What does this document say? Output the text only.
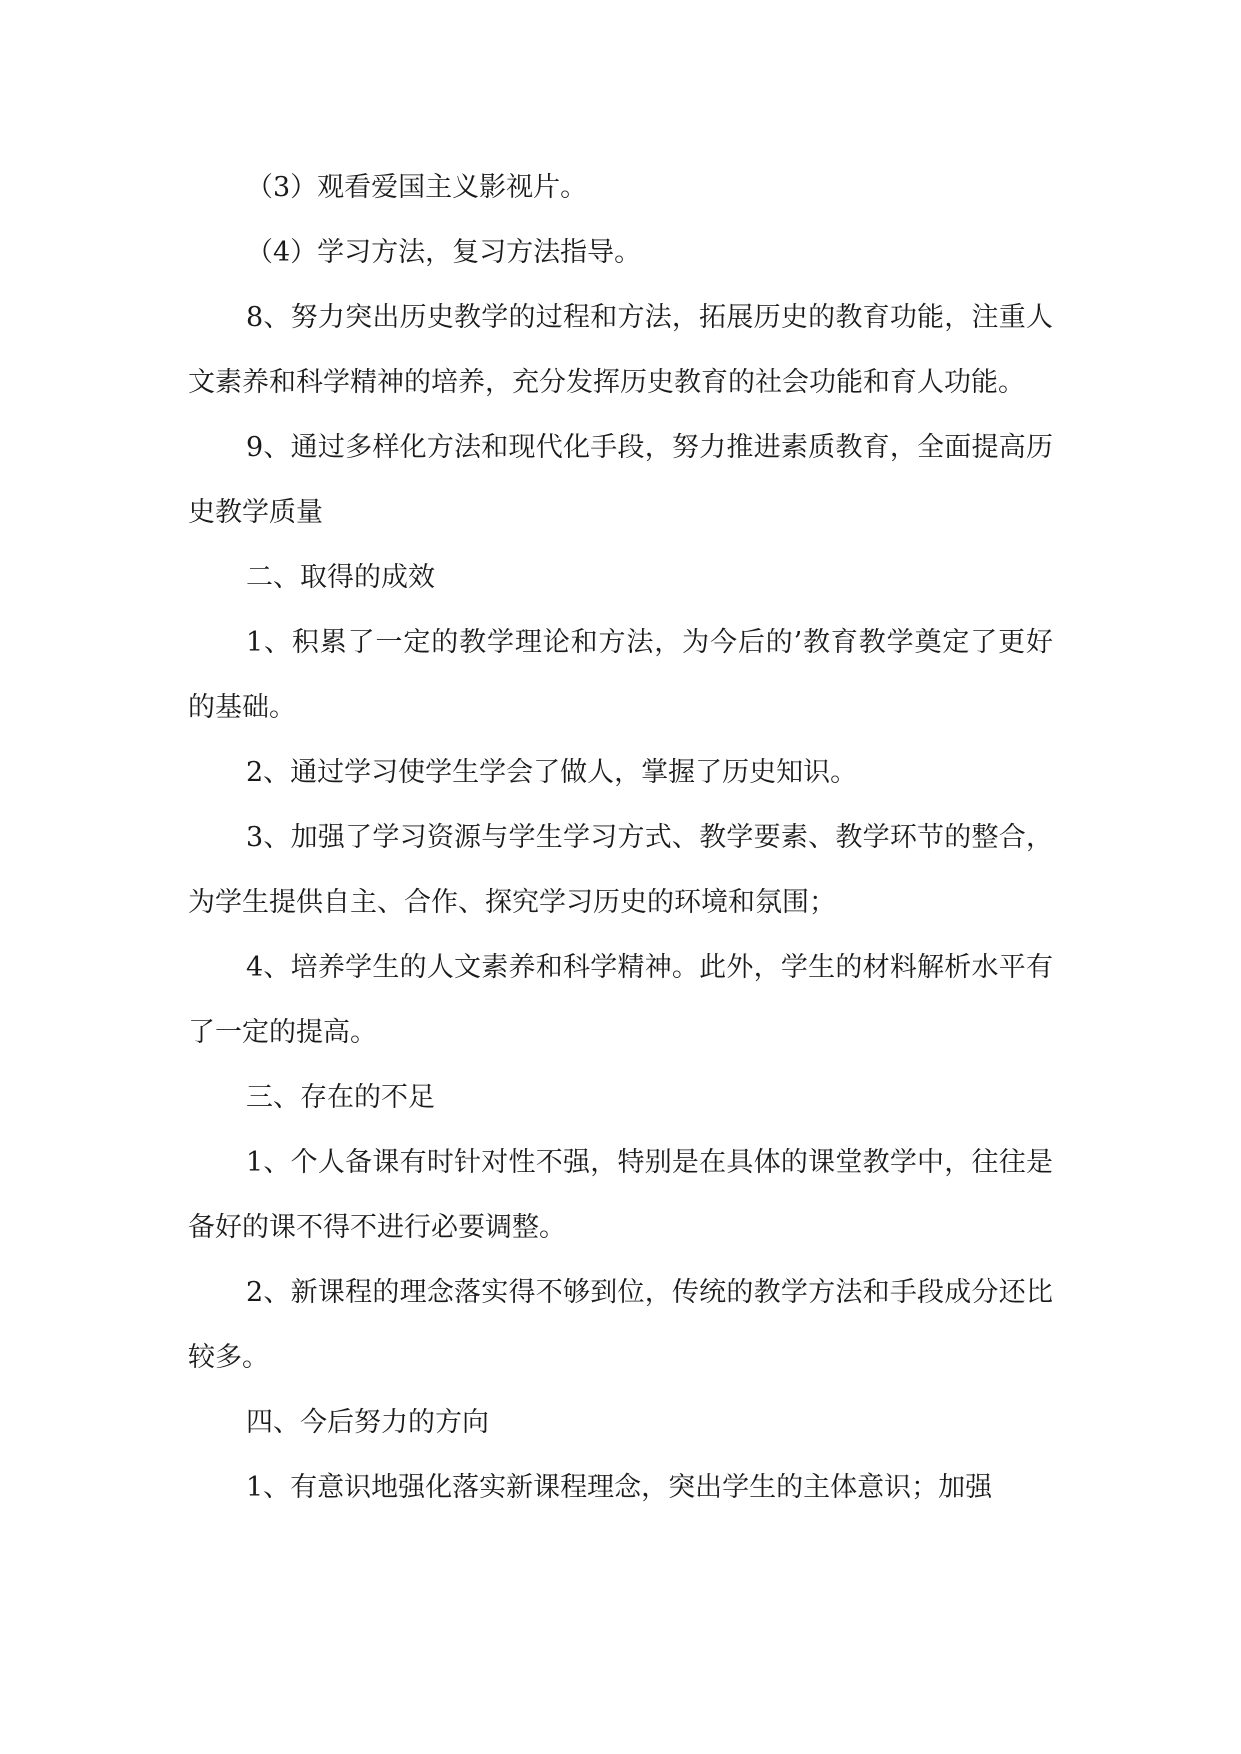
（3）观看爱国主义影视片。

（4）学习方法，复习方法指导。

8、努力突出历史教学的过程和方法，拓展历史的教育功能，注重人文素养和科学精神的培养，充分发挥历史教育的社会功能和育人功能。

9、通过多样化方法和现代化手段，努力推进素质教育，全面提高历史教学质量

二、取得的成效

1、积累了一定的教学理论和方法，为今后的’教育教学奠定了更好的基础。

2、通过学习使学生学会了做人，掌握了历史知识。

3、加强了学习资源与学生学习方式、教学要素、教学环节的整合，为学生提供自主、合作、探究学习历史的环境和氛围；

4、培养学生的人文素养和科学精神。此外，学生的材料解析水平有了一定的提高。

三、存在的不足

1、个人备课有时针对性不强，特别是在具体的课堂教学中，往往是备好的课不得不进行必要调整。

2、新课程的理念落实得不够到位，传统的教学方法和手段成分还比较多。

四、今后努力的方向

1、有意识地强化落实新课程理念，突出学生的主体意识；加强
